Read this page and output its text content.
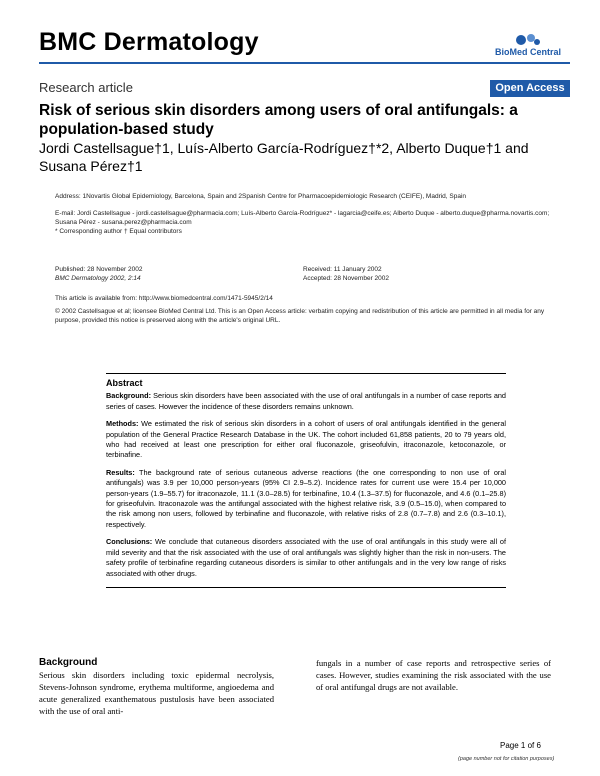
BMC Dermatology	BioMed Central
Research article	Open Access
Risk of serious skin disorders among users of oral antifungals: a population-based study
Jordi Castellsague†1, Luís-Alberto García-Rodríguez†*2, Alberto Duque†1 and Susana Pérez†1
Address: 1Novartis Global Epidemiology, Barcelona, Spain and 2Spanish Centre for Pharmacoepidemiologic Research (CEIFE), Madrid, Spain
E-mail: Jordi Castellsague - jordi.castellsague@pharmacia.com; Luís-Alberto García-Rodríguez* - lagarcia@ceife.es; Alberto Duque - alberto.duque@pharma.novartis.com; Susana Pérez - susana.perez@pharmacia.com
* Corresponding author † Equal contributors
Published: 28 November 2002
BMC Dermatology 2002, 2:14
Received: 11 January 2002
Accepted: 28 November 2002
This article is available from: http://www.biomedcentral.com/1471-5945/2/14
© 2002 Castellsague et al; licensee BioMed Central Ltd. This is an Open Access article: verbatim copying and redistribution of this article are permitted in all media for any purpose, provided this notice is preserved along with the article's original URL.
Abstract

Background: Serious skin disorders have been associated with the use of oral antifungals in a number of case reports and series of cases. However the incidence of these disorders remains unknown.

Methods: We estimated the risk of serious skin disorders in a cohort of users of oral antifungals identified in the general population of the General Practice Research Database in the UK. The cohort included 61,858 patients, 20 to 79 years old, who had received at least one prescription for either oral fluconazole, griseofulvin, itraconazole, ketoconazole, or terbinafine.

Results: The background rate of serious cutaneous adverse reactions (the one corresponding to non use of oral antifungals) was 3.9 per 10,000 person-years (95% CI 2.9–5.2). Incidence rates for current use were 15.4 per 10,000 person-years (1.9–55.7) for itraconazole, 11.1 (3.0–28.5) for terbinafine, 10.4 (1.3–37.5) for fluconazole, and 4.6 (0.1–25.8) for griseofulvin. Itraconazole was the antifungal associated with the highest relative risk, 3.9 (0.5–15.0), when compared to the risk among non users, followed by terbinafine and fluconazole, with relative risks of 2.8 (0.7–7.8) and 2.6 (0.3–10.1), respectively.

Conclusions: We conclude that cutaneous disorders associated with the use of oral antifungals in this study were all of mild severity and that the risk associated with the use of oral antifungals was slightly higher than the risk in non-users. The safety profile of terbinafine regarding cutaneous disorders is similar to other antifungals and in the very low range of risks associated with other drugs.

Background
Serious skin disorders including toxic epidermal necrolysis, Stevens-Johnson syndrome, erythema multiforme, angioedema and acute generalized exanthematous pustulosis have been associated with the use of oral anti-
fungals in a number of case reports and retrospective series of cases. However, studies examining the risk associated with the use of oral antifungal drugs are not available.
Page 1 of 6
(page number not for citation purposes)
